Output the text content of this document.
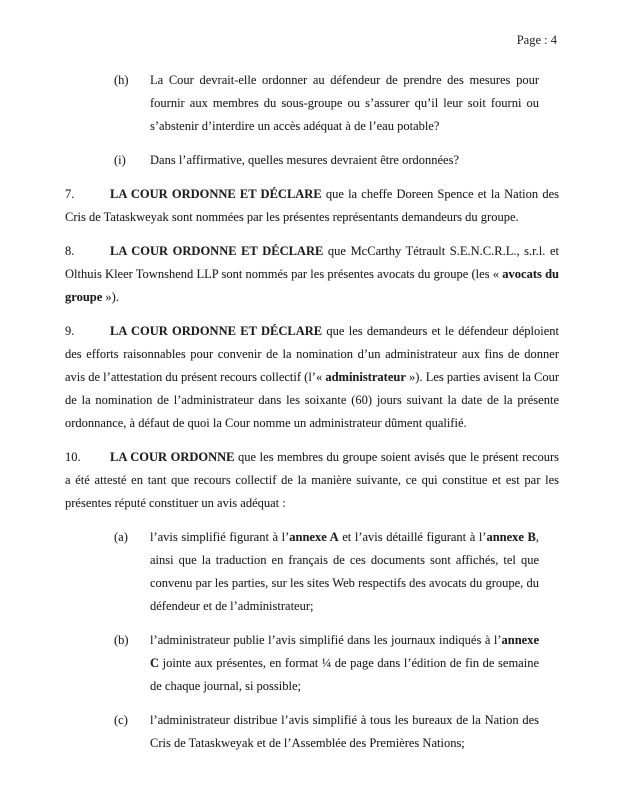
Page : 4
(h) La Cour devrait-elle ordonner au défendeur de prendre des mesures pour fournir aux membres du sous-groupe ou s’assurer qu’il leur soit fourni ou s’abstenir d’interdire un accès adéquat à de l’eau potable?
(i) Dans l’affirmative, quelles mesures devraient être ordonnées?
7.	LA COUR ORDONNE ET DÉCLARE que la cheffe Doreen Spence et la Nation des Cris de Tataskweyak sont nommées par les présentes représentants demandeurs du groupe.
8.	LA COUR ORDONNE ET DÉCLARE que McCarthy Tétrault S.E.N.C.R.L., s.r.l. et Olthuis Kleer Townshend LLP sont nommés par les présentes avocats du groupe (les « avocats du groupe »).
9.	LA COUR ORDONNE ET DÉCLARE que les demandeurs et le défendeur déploient des efforts raisonnables pour convenir de la nomination d’un administrateur aux fins de donner avis de l’attestation du présent recours collectif (l’« administrateur »). Les parties avisent la Cour de la nomination de l’administrateur dans les soixante (60) jours suivant la date de la présente ordonnance, à défaut de quoi la Cour nomme un administrateur dûment qualifié.
10. LA COUR ORDONNE que les membres du groupe soient avisés que le présent recours a été attesté en tant que recours collectif de la manière suivante, ce qui constitue et est par les présentes réputé constituer un avis adéquat :
(a) l’avis simplifié figurant à l’annexe A et l’avis détaillé figurant à l’annexe B, ainsi que la traduction en français de ces documents sont affichés, tel que convenu par les parties, sur les sites Web respectifs des avocats du groupe, du défendeur et de l’administrateur;
(b) l’administrateur publie l’avis simplifié dans les journaux indiqués à l’annexe C jointe aux présentes, en format ¼ de page dans l’édition de fin de semaine de chaque journal, si possible;
(c) l’administrateur distribue l’avis simplifié à tous les bureaux de la Nation des Cris de Tataskweyak et de l’Assemblée des Premières Nations;
